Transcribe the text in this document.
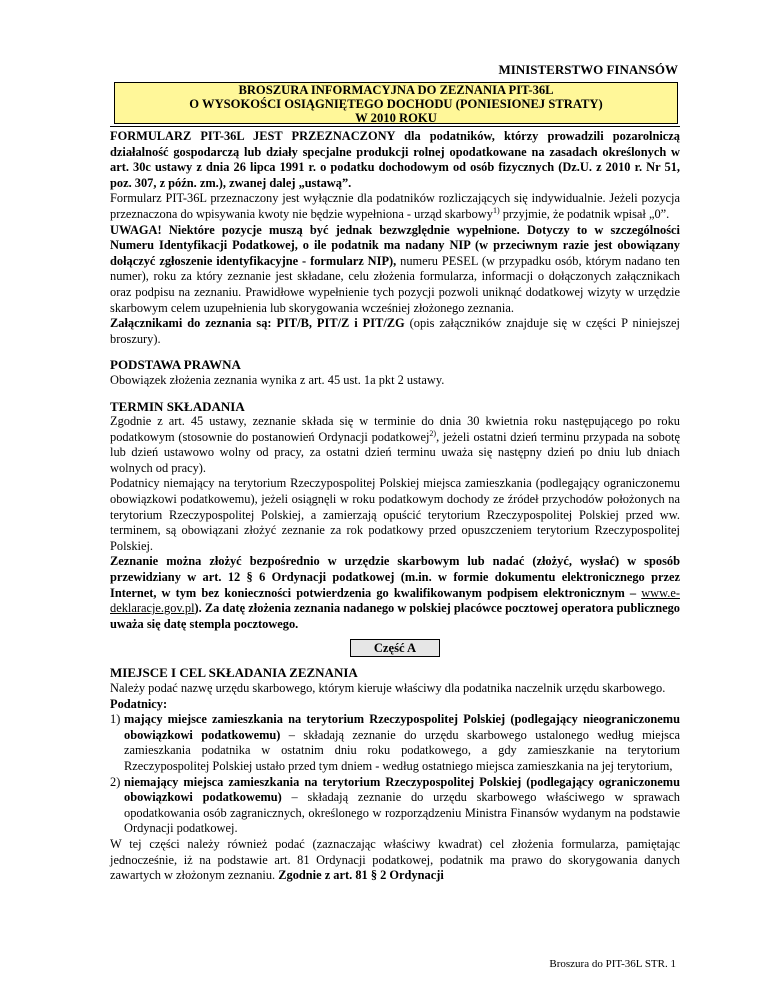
MINISTERSTWO FINANSÓW
BROSZURA INFORMACYJNA DO ZEZNANIA PIT-36L
O WYSOKOŚCI OSIĄGNIĘTEGO DOCHODU (PONIESIONEJ STRATY)
W 2010 ROKU

FORMULARZ PIT-36L JEST PRZEZNACZONY dla podatników, którzy prowadzili pozarolniczą działalność gospodarczą lub działy specjalne produkcji rolnej opodatkowane na zasadach określonych w art. 30c ustawy z dnia 26 lipca 1991 r. o podatku dochodowym od osób fizycznych (Dz.U. z 2010 r. Nr 51, poz. 307, z późn. zm.), zwanej dalej „ustawą”.

Formularz PIT-36L przeznaczony jest wyłącznie dla podatników rozliczających się indywidualnie. Jeżeli pozycja przeznaczona do wpisywania kwoty nie będzie wypełniona - urząd skarbowy$^{1)}$ przyjmie, że podatnik wpisał „0”.

UWAGA! Niektóre pozycje muszą być jednak bezwzględnie wypełnione. Dotyczy to w szczególności Numeru Identyfikacji Podatkowej, o ile podatnik ma nadany NIP (w przeciwnym razie jest obowiązany dołączyć zgłoszenie identyfikacyjne - formularz NIP), numeru PESEL (w przypadku osób, którym nadano ten numer), roku za który zeznanie jest składane, celu złożenia formularza, informacji o dołączonych załącznikach oraz podpisu na zeznaniu. Prawidłowe wypełnienie tych pozycji pozwoli uniknąć dodatkowej wizyty w urzędzie skarbowym celem uzupełnienia lub skorygowania wcześniej złożonego zeznania.

Załącznikami do zeznania są: PIT/B, PIT/Z i PIT/ZG (opis załączników znajduje się w części P niniejszej broszury).

PODSTAWA PRAWNA

Obowiązek złożenia zeznania wynika z art. 45 ust. 1a pkt 2 ustawy.

TERMIN SKŁADANIA

Zgodnie z art. 45 ustawy, zeznanie składa się w terminie do dnia 30 kwietnia roku następującego po roku podatkowym (stosownie do postanowień Ordynacji podatkowej$^{2)}$, jeżeli ostatni dzień terminu przypada na sobotę lub dzień ustawowo wolny od pracy, za ostatni dzień terminu uważa się następny dzień po dniu lub dniach wolnych od pracy).

Podatnicy niemający na terytorium Rzeczypospolitej Polskiej miejsca zamieszkania (podlegający ograniczonemu obowiązkowi podatkowemu), jeżeli osiągnęli w roku podatkowym dochody ze źródeł przychodów położonych na terytorium Rzeczypospolitej Polskiej, a zamierzają opuścić terytorium Rzeczypospolitej Polskiej przed ww. terminem, są obowiązani złożyć zeznanie za rok podatkowy przed opuszczeniem terytorium Rzeczypospolitej Polskiej.

Zeznanie można złożyć bezpośrednio w urzędzie skarbowym lub nadać (złożyć, wysłać) w sposób przewidziany w art. 12 § 6 Ordynacji podatkowej (m.in. w formie dokumentu elektronicznego przez Internet, w tym bez konieczności potwierdzenia go kwalifikowanym podpisem elektronicznym – www.e-deklaracje.gov.pl). Za datę złożenia zeznania nadanego w polskiej placówce pocztowej operatora publicznego uważa się datę stempla pocztowego.

Część A

MIEJSCE I CEL SKŁADANIA ZEZNANIA

Należy podać nazwę urzędu skarbowego, którym kieruje właściwy dla podatnika naczelnik urzędu skarbowego.

Podatnicy:

1) mający miejsce zamieszkania na terytorium Rzeczypospolitej Polskiej (podlegający nieograniczonemu obowiązkowi podatkowemu) – składają zeznanie do urzędu skarbowego ustalonego według miejsca zamieszkania podatnika w ostatnim dniu roku podatkowego, a gdy zamieszkanie na terytorium Rzeczypospolitej Polskiej ustało przed tym dniem - według ostatniego miejsca zamieszkania na jej terytorium,
2) niemający miejsca zamieszkania na terytorium Rzeczypospolitej Polskiej (podlegający ograniczonemu obowiązkowi podatkowemu) – składają zeznanie do urzędu skarbowego właściwego w sprawach opodatkowania osób zagranicznych, określonego w rozporządzeniu Ministra Finansów wydanym na podstawie Ordynacji podatkowej.

W tej części należy również podać (zaznaczając właściwy kwadrat) cel złożenia formularza, pamiętając jednocześnie, iż na podstawie art. 81 Ordynacji podatkowej, podatnik ma prawo do skorygowania danych zawartych w złożonym zeznaniu. Zgodnie z art. 81 § 2 Ordynacji

Broszura do PIT-36L STR. 1
